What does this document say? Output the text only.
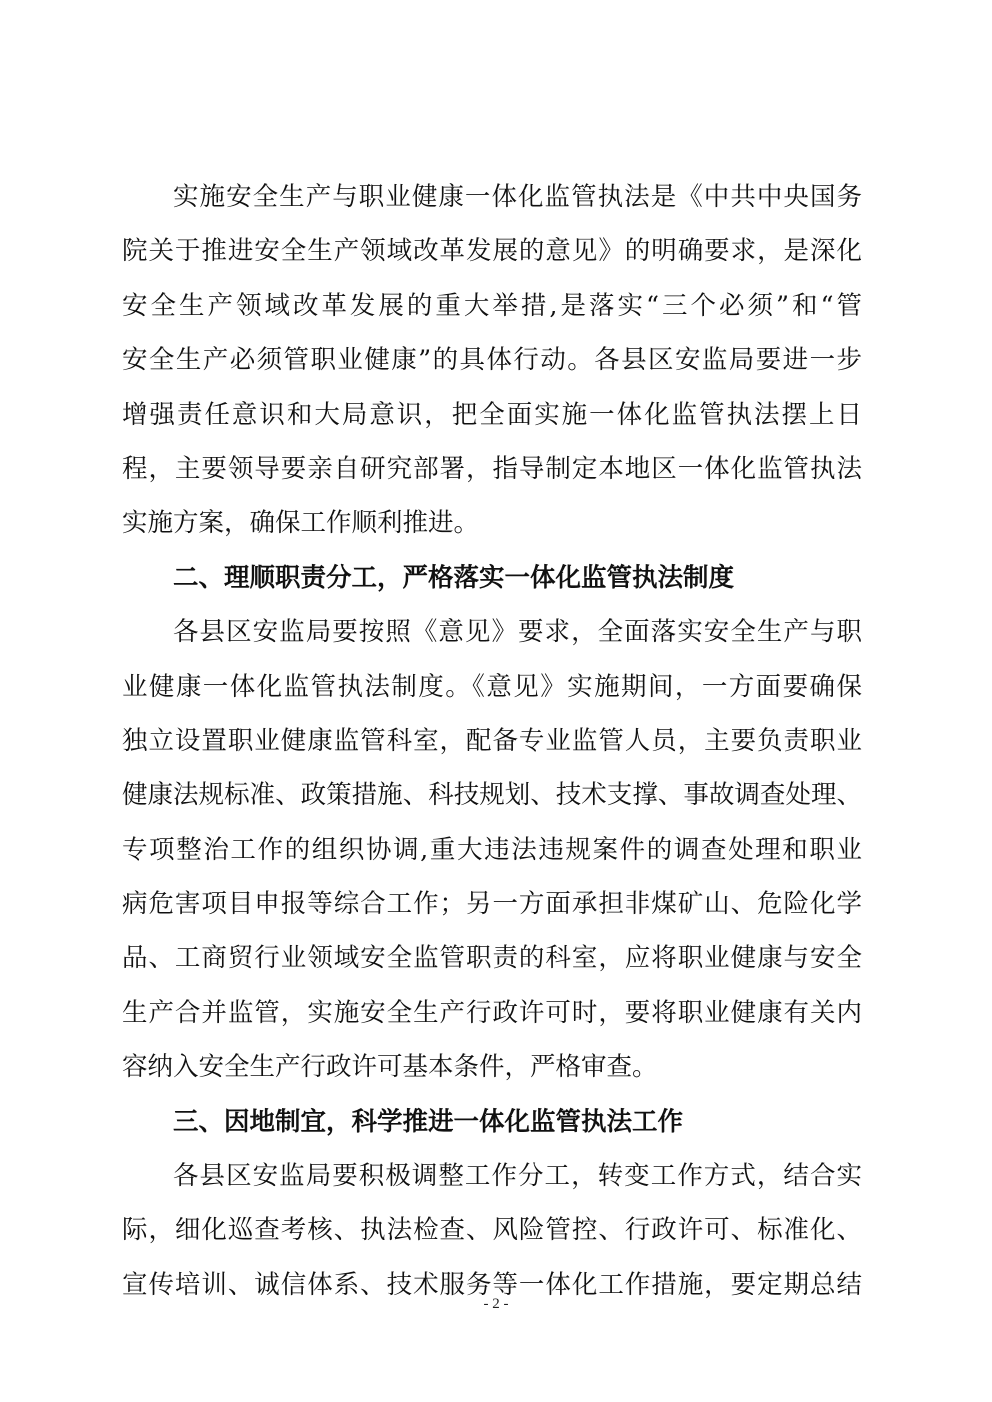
实施安全生产与职业健康一体化监管执法是《中共中央国务
院关于推进安全生产领域改革发展的意见》的明确要求，是深化
安全生产领域改革发展的重大举措,是落实“三个必须”和“管
安全生产必须管职业健康”的具体行动。各县区安监局要进一步
增强责任意识和大局意识，把全面实施一体化监管执法摆上日
程，主要领导要亲自研究部署，指导制定本地区一体化监管执法
实施方案，确保工作顺利推进。
二、理顺职责分工，严格落实一体化监管执法制度
各县区安监局要按照《意见》要求，全面落实安全生产与职
业健康一体化监管执法制度。《意见》实施期间，一方面要确保
独立设置职业健康监管科室，配备专业监管人员，主要负责职业
健康法规标准、政策措施、科技规划、技术支撑、事故调查处理、
专项整治工作的组织协调,重大违法违规案件的调查处理和职业
病危害项目申报等综合工作；另一方面承担非煤矿山、危险化学
品、工商贸行业领域安全监管职责的科室，应将职业健康与安全
生产合并监管，实施安全生产行政许可时，要将职业健康有关内
容纳入安全生产行政许可基本条件，严格审查。
三、因地制宜，科学推进一体化监管执法工作
各县区安监局要积极调整工作分工，转变工作方式，结合实
际，细化巡查考核、执法检查、风险管控、行政许可、标准化、
宣传培训、诚信体系、技术服务等一体化工作措施，要定期总结
- 2 -
